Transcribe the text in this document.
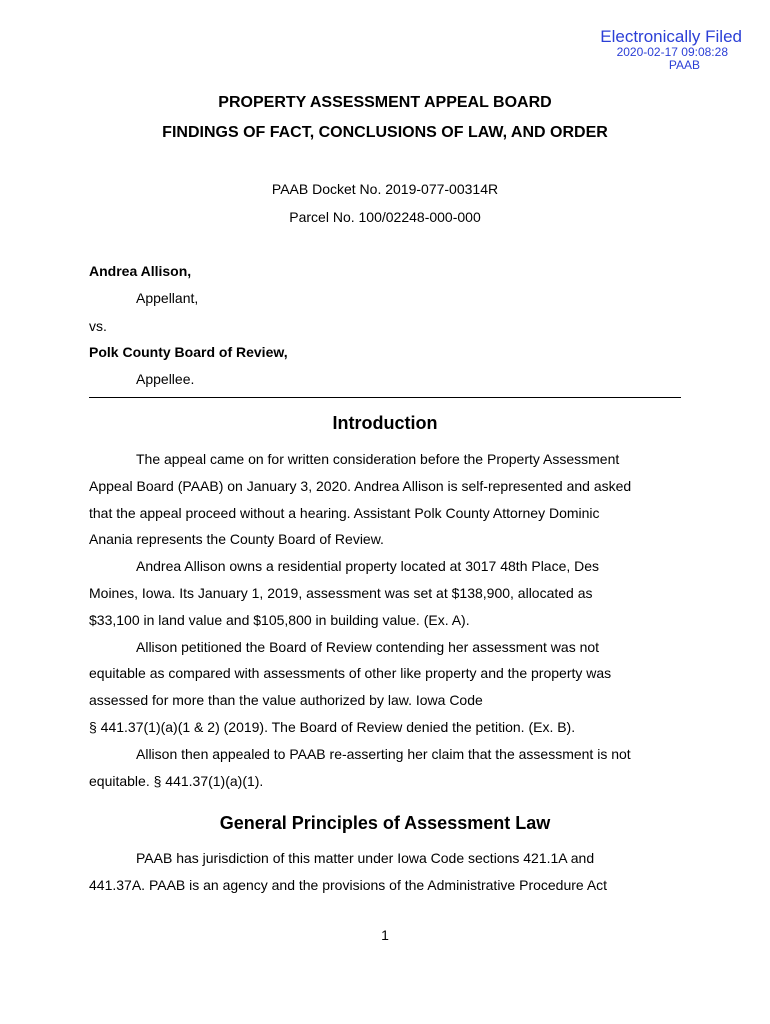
Electronically Filed
2020-02-17 09:08:28
PAAB
PROPERTY ASSESSMENT APPEAL BOARD
FINDINGS OF FACT, CONCLUSIONS OF LAW, AND ORDER
PAAB Docket No. 2019-077-00314R
Parcel No. 100/02248-000-000
Andrea Allison,
Appellant,
vs.
Polk County Board of Review,
Appellee.
Introduction
The appeal came on for written consideration before the Property Assessment
Appeal Board (PAAB) on January 3, 2020. Andrea Allison is self-represented and asked
that the appeal proceed without a hearing. Assistant Polk County Attorney Dominic
Anania represents the County Board of Review.
Andrea Allison owns a residential property located at 3017 48th Place, Des
Moines, Iowa. Its January 1, 2019, assessment was set at $138,900, allocated as
$33,100 in land value and $105,800 in building value. (Ex. A).
Allison petitioned the Board of Review contending her assessment was not
equitable as compared with assessments of other like property and the property was
assessed for more than the value authorized by law. Iowa Code
§ 441.37(1)(a)(1 & 2) (2019). The Board of Review denied the petition. (Ex. B).
Allison then appealed to PAAB re-asserting her claim that the assessment is not
equitable. § 441.37(1)(a)(1).
General Principles of Assessment Law
PAAB has jurisdiction of this matter under Iowa Code sections 421.1A and
441.37A. PAAB is an agency and the provisions of the Administrative Procedure Act
1
